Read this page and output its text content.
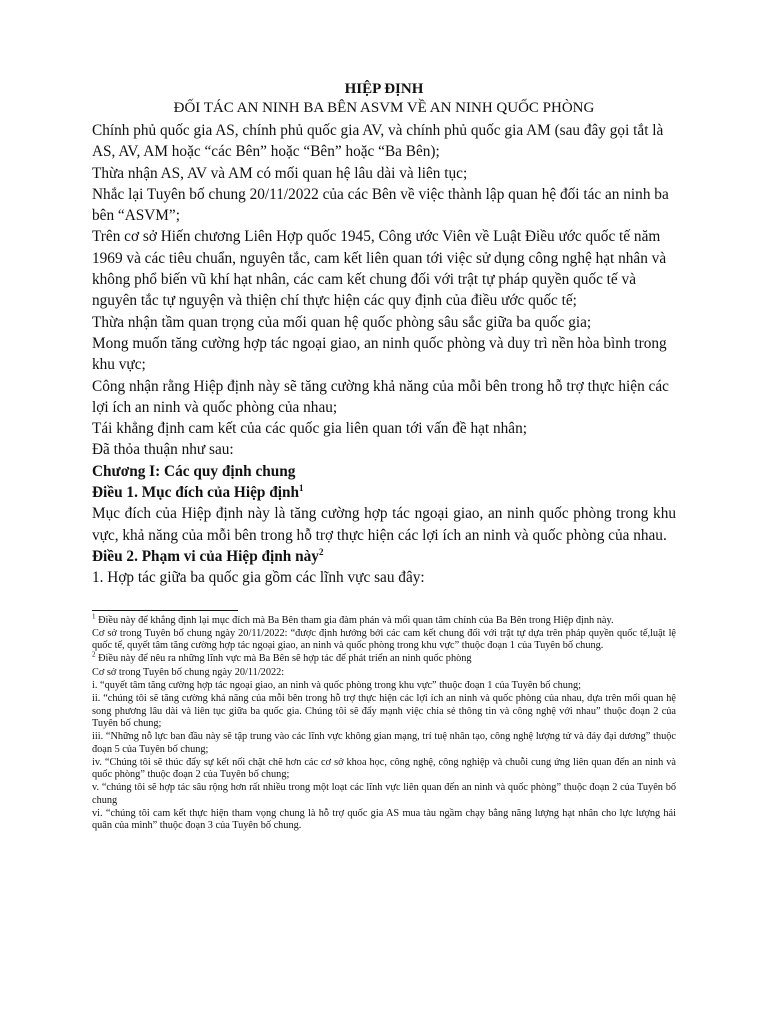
HIỆP ĐỊNH

ĐỐI TÁC AN NINH BA BÊN ASVM VỀ AN NINH QUỐC PHÒNG

Chính phủ quốc gia AS, chính phủ quốc gia AV, và chính phủ quốc gia AM (sau đây gọi tắt là AS, AV, AM hoặc “các Bên” hoặc “Bên” hoặc “Ba Bên);

Thừa nhận AS, AV và AM có mối quan hệ lâu dài và liên tục;

Nhắc lại Tuyên bố chung 20/11/2022 của các Bên về việc thành lập quan hệ đối tác an ninh ba bên “ASVM”;

Trên cơ sở Hiến chương Liên Hợp quốc 1945, Công ước Viên về Luật Điều ước quốc tế năm 1969 và các tiêu chuẩn, nguyên tắc, cam kết liên quan tới việc sử dụng công nghệ hạt nhân và không phổ biến vũ khí hạt nhân, các cam kết chung đối với trật tự pháp quyền quốc tế và nguyên tắc tự nguyện và thiện chí thực hiện các quy định của điều ước quốc tế;

Thừa nhận tầm quan trọng của mối quan hệ quốc phòng sâu sắc giữa ba quốc gia;

Mong muốn tăng cường hợp tác ngoại giao, an ninh quốc phòng và duy trì nền hòa bình trong khu vực;

Công nhận rằng Hiệp định này sẽ tăng cường khả năng của mỗi bên trong hỗ trợ thực hiện các lợi ích an ninh và quốc phòng của nhau;

Tái khẳng định cam kết của các quốc gia liên quan tới vấn đề hạt nhân;

Đã thỏa thuận như sau:

Chương I: Các quy định chung

Điều 1. Mục đích của Hiệp định$^1$

Mục đích của Hiệp định này là tăng cường hợp tác ngoại giao, an ninh quốc phòng trong khu vực, khả năng của mỗi bên trong hỗ trợ thực hiện các lợi ích an ninh và quốc phòng của nhau.

Điều 2. Phạm vi của Hiệp định này$^2$

1. Hợp tác giữa ba quốc gia gồm các lĩnh vực sau đây:

$^1$ Điều này để khẳng định lại mục đích mà Ba Bên tham gia đàm phán và mối quan tâm chính của Ba Bên trong Hiệp định này.

Cơ sở trong Tuyên bố chung ngày 20/11/2022: “được định hướng bởi các cam kết chung đối với trật tự dựa trên pháp quyền quốc tế,luật lệ quốc tế, quyết tâm tăng cường hợp tác ngoại giao, an ninh và quốc phòng trong khu vực” thuộc đoạn 1 của Tuyên bố chung.

$^2$ Điều này để nêu ra những lĩnh vực mà Ba Bên sẽ hợp tác để phát triển an ninh quốc phòng

Cơ sở trong Tuyên bố chung ngày 20/11/2022:

i. “quyết tâm tăng cường hợp tác ngoại giao, an ninh và quốc phòng trong khu vực” thuộc đoạn 1 của Tuyên bố chung;

ii. “chúng tôi sẽ tăng cường khả năng của mỗi bên trong hỗ trợ thực hiện các lợi ích an ninh và quốc phòng của nhau, dựa trên mối quan hệ song phương lâu dài và liên tục giữa ba quốc gia. Chúng tôi sẽ đẩy mạnh việc chia sẻ thông tin và công nghệ với nhau” thuộc đoạn 2 của Tuyên bố chung;

iii. “Những nỗ lực ban đầu này sẽ tập trung vào các lĩnh vực không gian mạng, trí tuệ nhân tạo, công nghệ lượng tử và đáy đại dương” thuộc đoạn 5 của Tuyên bố chung;

iv. “Chúng tôi sẽ thúc đẩy sự kết nối chặt chẽ hơn các cơ sở khoa học, công nghệ, công nghiệp và chuỗi cung ứng liên quan đến an ninh và quốc phòng” thuộc đoạn 2 của Tuyên bố chung;

v. “chúng tôi sẽ hợp tác sâu rộng hơn rất nhiều trong một loạt các lĩnh vực liên quan đến an ninh và quốc phòng” thuộc đoạn 2 của Tuyên bố chung

vi. “chúng tôi cam kết thực hiện tham vọng chung là hỗ trợ quốc gia AS mua tàu ngầm chạy bằng năng lượng hạt nhân cho lực lượng hải quân của mình” thuộc đoạn 3 của Tuyên bố chung.
